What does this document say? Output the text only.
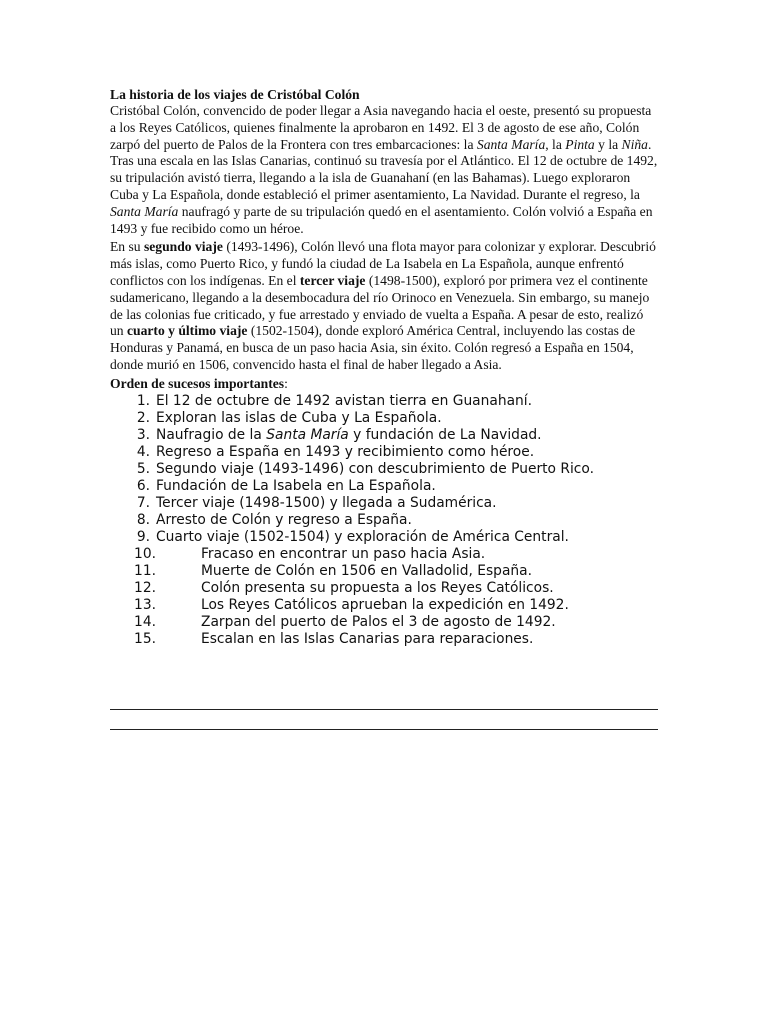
La historia de los viajes de Cristóbal Colón

Cristóbal Colón, convencido de poder llegar a Asia navegando hacia el oeste, presentó su propuesta a los Reyes Católicos, quienes finalmente la aprobaron en 1492. El 3 de agosto de ese año, Colón zarpó del puerto de Palos de la Frontera con tres embarcaciones: la Santa María, la Pinta y la Niña. Tras una escala en las Islas Canarias, continuó su travesía por el Atlántico. El 12 de octubre de 1492, su tripulación avistó tierra, llegando a la isla de Guanahaní (en las Bahamas). Luego exploraron Cuba y La Española, donde estableció el primer asentamiento, La Navidad. Durante el regreso, la Santa María naufragó y parte de su tripulación quedó en el asentamiento. Colón volvió a España en 1493 y fue recibido como un héroe.

En su segundo viaje (1493-1496), Colón llevó una flota mayor para colonizar y explorar. Descubrió más islas, como Puerto Rico, y fundó la ciudad de La Isabela en La Española, aunque enfrentó conflictos con los indígenas. En el tercer viaje (1498-1500), exploró por primera vez el continente sudamericano, llegando a la desembocadura del río Orinoco en Venezuela. Sin embargo, su manejo de las colonias fue criticado, y fue arrestado y enviado de vuelta a España. A pesar de esto, realizó un cuarto y último viaje (1502-1504), donde exploró América Central, incluyendo las costas de Honduras y Panamá, en busca de un paso hacia Asia, sin éxito. Colón regresó a España en 1504, donde murió en 1506, convencido hasta el final de haber llegado a Asia.

Orden de sucesos importantes:
1. El 12 de octubre de 1492 avistan tierra en Guanahaní.
2. Exploran las islas de Cuba y La Española.
3. Naufragio de la Santa María y fundación de La Navidad.
4. Regreso a España en 1493 y recibimiento como héroe.
5. Segundo viaje (1493-1496) con descubrimiento de Puerto Rico.
6. Fundación de La Isabela en La Española.
7. Tercer viaje (1498-1500) y llegada a Sudamérica.
8. Arresto de Colón y regreso a España.
9. Cuarto viaje (1502-1504) y exploración de América Central.
10.	Fracaso en encontrar un paso hacia Asia.
11.	Muerte de Colón en 1506 en Valladolid, España.
12.	Colón presenta su propuesta a los Reyes Católicos.
13.	Los Reyes Católicos aprueban la expedición en 1492.
14.	Zarpan del puerto de Palos el 3 de agosto de 1492.
15.	Escalan en las Islas Canarias para reparaciones.
